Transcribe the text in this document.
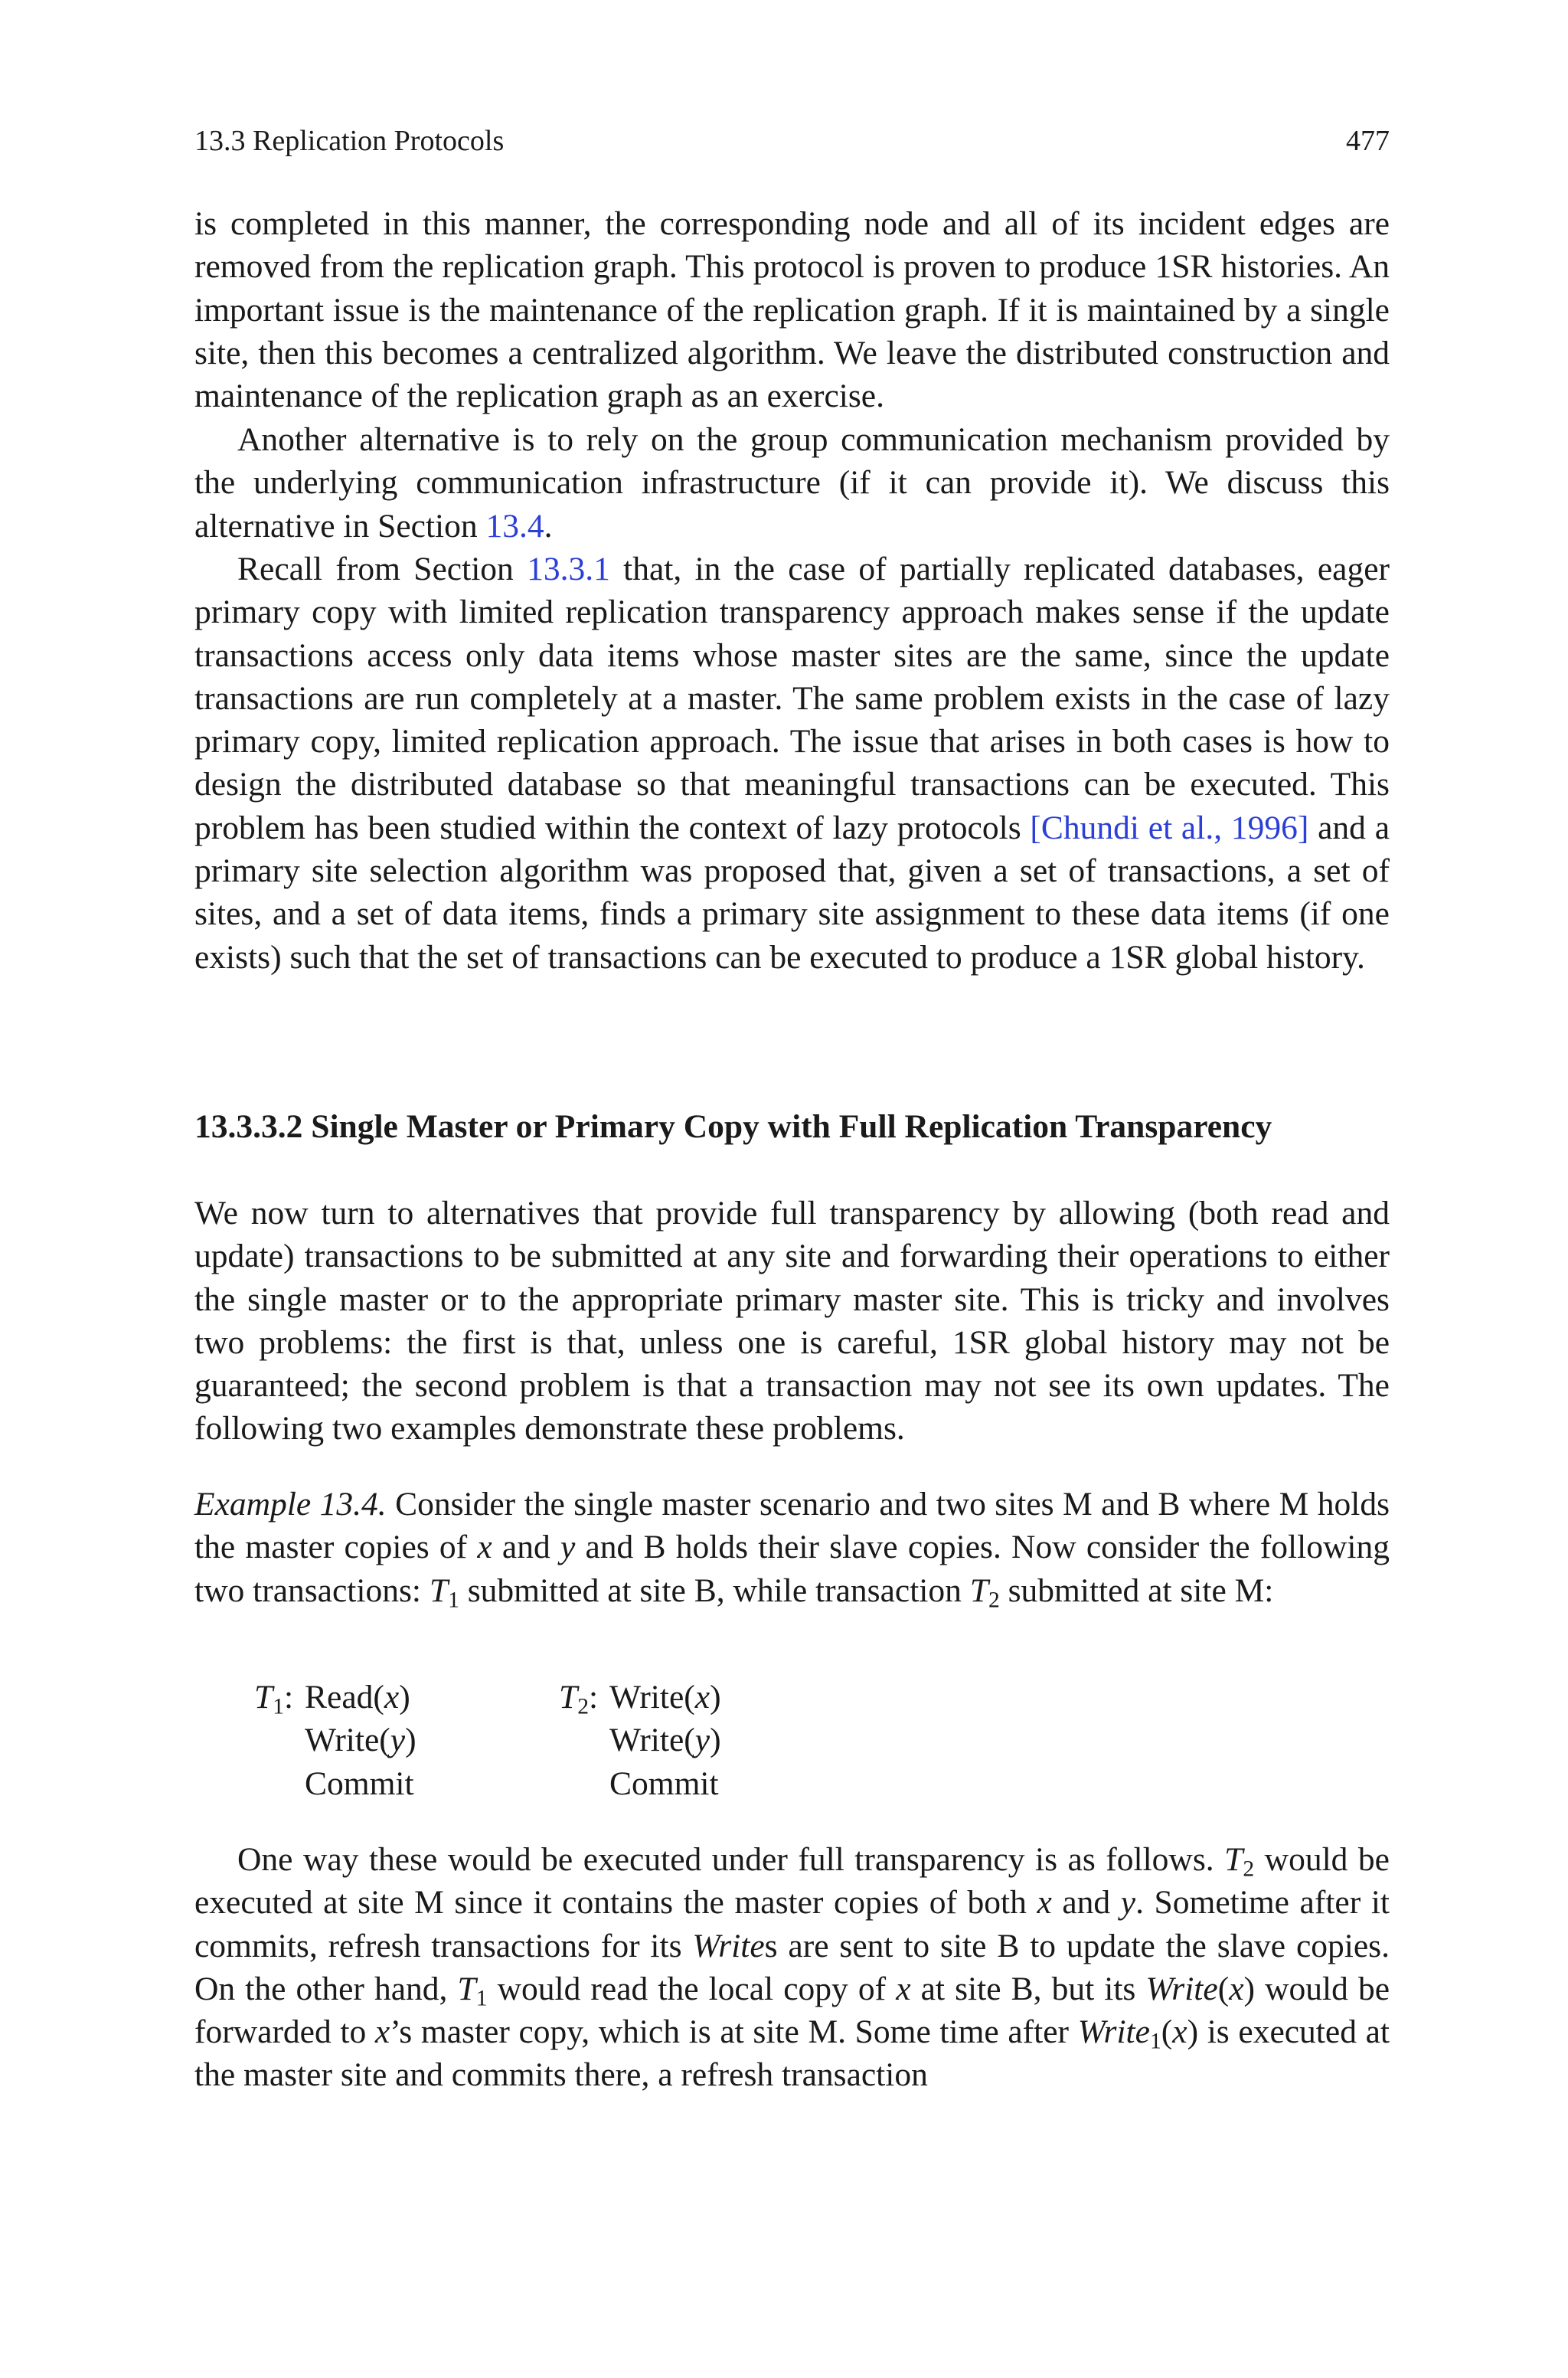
13.3 Replication Protocols	477

is completed in this manner, the corresponding node and all of its incident edges are removed from the replication graph. This protocol is proven to produce 1SR histories. An important issue is the maintenance of the replication graph. If it is maintained by a single site, then this becomes a centralized algorithm. We leave the distributed construction and maintenance of the replication graph as an exercise.

Another alternative is to rely on the group communication mechanism provided by the underlying communication infrastructure (if it can provide it). We discuss this alternative in Section 13.4.

Recall from Section 13.3.1 that, in the case of partially replicated databases, eager primary copy with limited replication transparency approach makes sense if the update transactions access only data items whose master sites are the same, since the update transactions are run completely at a master. The same problem exists in the case of lazy primary copy, limited replication approach. The issue that arises in both cases is how to design the distributed database so that meaningful transactions can be executed. This problem has been studied within the context of lazy protocols [Chundi et al., 1996] and a primary site selection algorithm was proposed that, given a set of transactions, a set of sites, and a set of data items, finds a primary site assignment to these data items (if one exists) such that the set of transactions can be executed to produce a 1SR global history.

13.3.3.2 Single Master or Primary Copy with Full Replication Transparency

We now turn to alternatives that provide full transparency by allowing (both read and update) transactions to be submitted at any site and forwarding their operations to either the single master or to the appropriate primary master site. This is tricky and involves two problems: the first is that, unless one is careful, 1SR global history may not be guaranteed; the second problem is that a transaction may not see its own updates. The following two examples demonstrate these problems.

Example 13.4. Consider the single master scenario and two sites M and B where M holds the master copies of x and y and B holds their slave copies. Now consider the following two transactions: $T_1$ submitted at site B, while transaction $T_2$ submitted at site M:

$T_1$: Read(x)
Write(y)
Commit
$T_2$: Write(x)
Write(y)
Commit

One way these would be executed under full transparency is as follows. $T_2$ would be executed at site M since it contains the master copies of both x and y. Sometime after it commits, refresh transactions for its Writes are sent to site B to update the slave copies. On the other hand, $T_1$ would read the local copy of x at site B, but its Write(x) would be forwarded to x’s master copy, which is at site M. Some time after Write$_1$(x) is executed at the master site and commits there, a refresh transaction
